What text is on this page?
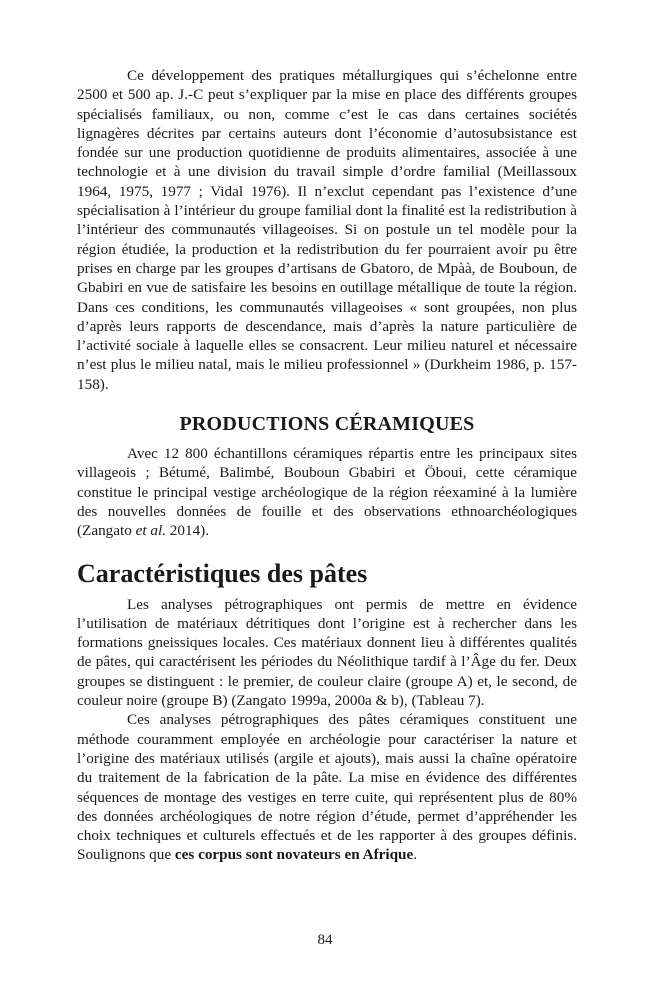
Ce développement des pratiques métallurgiques qui s’échelonne entre 2500 et 500 ap. J.-C peut s’expliquer par la mise en place des différents groupes spécialisés familiaux, ou non, comme c’est le cas dans certaines sociétés lignagères décrites par certains auteurs dont l’économie d’autosubsistance est fondée sur une production quotidienne de produits alimentaires, associée à une technologie et à une division du travail simple d’ordre familial (Meillassoux 1964, 1975, 1977 ; Vidal 1976). Il n’exclut cependant pas l’existence d’une spécialisation à l’intérieur du groupe familial dont la finalité est la redistribution à l’intérieur des communautés villageoises. Si on postule un tel modèle pour la région étudiée, la production et la redistribution du fer pourraient avoir pu être prises en charge par les groupes d’artisans de Gbatoro, de Mpàà, de Bouboun, de Gbabiri en vue de satisfaire les besoins en outillage métallique de toute la région. Dans ces conditions, les communautés villageoises « sont groupées, non plus d’après leurs rapports de descendance, mais d’après la nature particulière de l’activité sociale à laquelle elles se consacrent. Leur milieu naturel et nécessaire n’est plus le milieu natal, mais le milieu professionnel » (Durkheim 1986, p. 157-158).

PRODUCTIONS CÉRAMIQUES

Avec 12 800 échantillons céramiques répartis entre les principaux sites villageois ; Bétumé, Balimbé, Bouboun Gbabiri et Öboui, cette céramique constitue le principal vestige archéologique de la région réexaminé à la lumière des nouvelles données de fouille et des observations ethnoarchéologiques (Zangato et al. 2014).

Caractéristiques des pâtes

Les analyses pétrographiques ont permis de mettre en évidence l’utilisation de matériaux détritiques dont l’origine est à rechercher dans les formations gneissiques locales. Ces matériaux donnent lieu à différentes qualités de pâtes, qui caractérisent les périodes du Néolithique tardif à l’Âge du fer. Deux groupes se distinguent : le premier, de couleur claire (groupe A) et, le second, de couleur noire (groupe B) (Zangato 1999a, 2000a & b), (Tableau 7).

Ces analyses pétrographiques des pâtes céramiques constituent une méthode couramment employée en archéologie pour caractériser la nature et l’origine des matériaux utilisés (argile et ajouts), mais aussi la chaîne opératoire du traitement de la fabrication de la pâte. La mise en évidence des différentes séquences de montage des vestiges en terre cuite, qui représentent plus de 80% des données archéologiques de notre région d’étude, permet d’appréhender les choix techniques et culturels effectués et de les rapporter à des groupes définis. Soulignons que ces corpus sont novateurs en Afrique.

84
